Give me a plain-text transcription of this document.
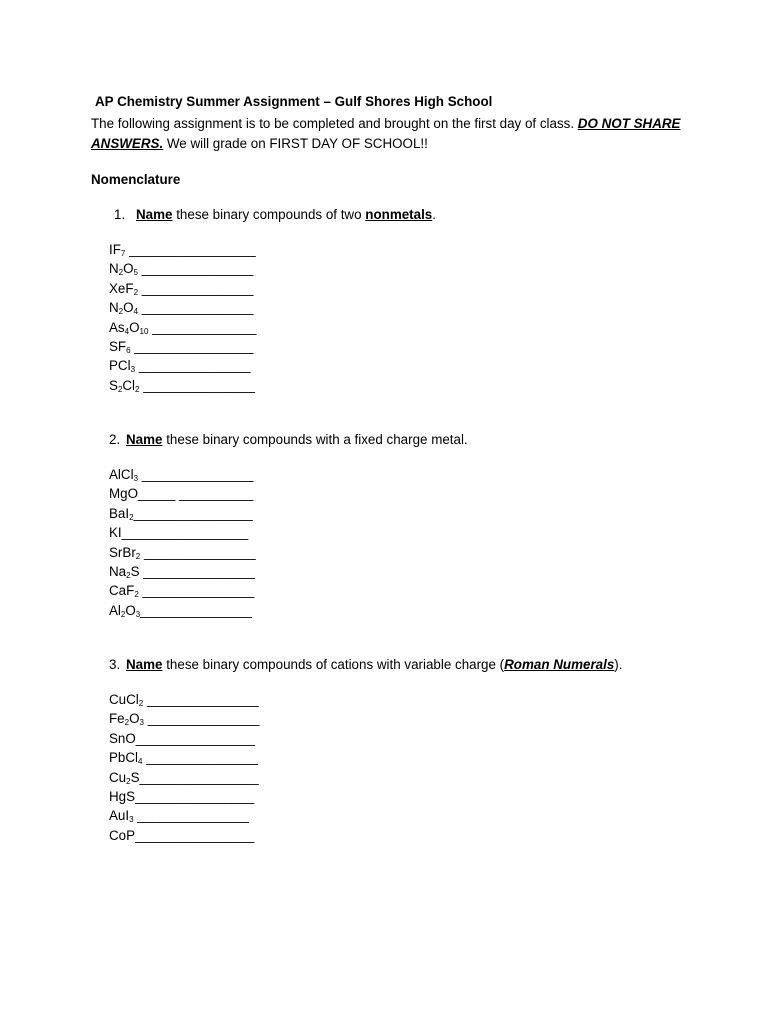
AP Chemistry Summer Assignment – Gulf Shores High School
The following assignment is to be completed and brought on the first day of class. DO NOT SHARE ANSWERS. We will grade on FIRST DAY OF SCHOOL!!
Nomenclature
1. Name these binary compounds of two nonmetals.
$IF_7$ _________________
$N_2O_5$ _______________
XeF$_2$ _______________
$N_2O_4$ _______________
$As_4O_{10}$ ______________
$SF_6$ ________________
PCl$_3$ _______________
$S_2Cl_2$ _______________
2. Name these binary compounds with a fixed charge metal.
AlCl$_3$ _______________
MgO_____ __________
BaI$_2$________________
KI_________________
SrBr$_2$ _______________
$Na_2S$ _______________
CaF$_2$ _______________
$Al_2O_3\_\_\_\_\_\_\_\_\_\_\_\_\_\_\_$
3. Name these binary compounds of cations with variable charge (Roman Numerals).
CuCl$_2$ _______________
$Fe_2O_3$ _______________
SnO________________
PbCl$_4$ _______________
$Cu_2S\_\_\_\_\_\_\_\_\_\_\_\_\_\_\_\_$
HgS________________
AuI$_3$ _______________
CoP________________
